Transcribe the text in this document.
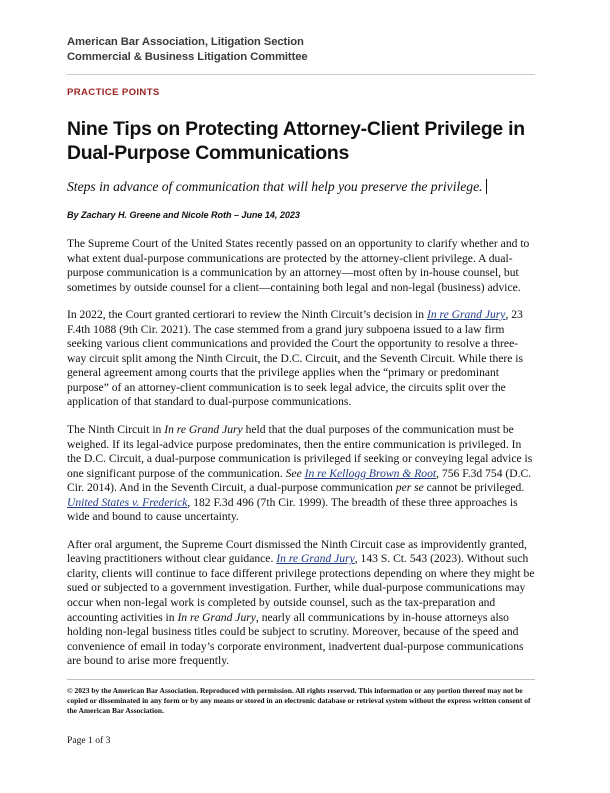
American Bar Association, Litigation Section
Commercial & Business Litigation Committee
PRACTICE POINTS
Nine Tips on Protecting Attorney-Client Privilege in Dual-Purpose Communications
Steps in advance of communication that will help you preserve the privilege.
By Zachary H. Greene and Nicole Roth – June 14, 2023

The Supreme Court of the United States recently passed on an opportunity to clarify whether and to what extent dual-purpose communications are protected by the attorney-client privilege. A dual-purpose communication is a communication by an attorney—most often by in-house counsel, but sometimes by outside counsel for a client—containing both legal and non-legal (business) advice.

In 2022, the Court granted certiorari to review the Ninth Circuit’s decision in In re Grand Jury, 23 F.4th 1088 (9th Cir. 2021). The case stemmed from a grand jury subpoena issued to a law firm seeking various client communications and provided the Court the opportunity to resolve a three-way circuit split among the Ninth Circuit, the D.C. Circuit, and the Seventh Circuit. While there is general agreement among courts that the privilege applies when the “primary or predominant purpose” of an attorney-client communication is to seek legal advice, the circuits split over the application of that standard to dual-purpose communications.

The Ninth Circuit in In re Grand Jury held that the dual purposes of the communication must be weighed. If its legal-advice purpose predominates, then the entire communication is privileged. In the D.C. Circuit, a dual-purpose communication is privileged if seeking or conveying legal advice is one significant purpose of the communication. See In re Kellogg Brown & Root, 756 F.3d 754 (D.C. Cir. 2014). And in the Seventh Circuit, a dual-purpose communication per se cannot be privileged. United States v. Frederick, 182 F.3d 496 (7th Cir. 1999). The breadth of these three approaches is wide and bound to cause uncertainty.

After oral argument, the Supreme Court dismissed the Ninth Circuit case as improvidently granted, leaving practitioners without clear guidance. In re Grand Jury, 143 S. Ct. 543 (2023). Without such clarity, clients will continue to face different privilege protections depending on where they might be sued or subjected to a government investigation. Further, while dual-purpose communications may occur when non-legal work is completed by outside counsel, such as the tax-preparation and accounting activities in In re Grand Jury, nearly all communications by in-house attorneys also holding non-legal business titles could be subject to scrutiny. Moreover, because of the speed and convenience of email in today’s corporate environment, inadvertent dual-purpose communications are bound to arise more frequently.

© 2023 by the American Bar Association. Reproduced with permission. All rights reserved. This information or any portion thereof may not be copied or disseminated in any form or by any means or stored in an electronic database or retrieval system without the express written consent of the American Bar Association.
Page 1 of 3
